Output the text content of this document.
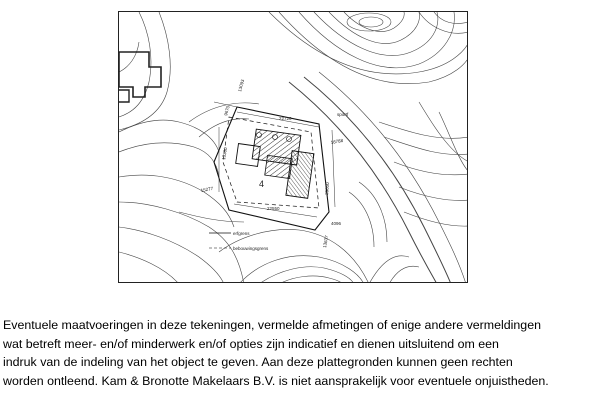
22720
22550
13093
15277
16788
13637
13300
20050
9670
4096
sportf
4
erfgrens
bebouwingsgrens
Eventuele maatvoeringen in deze tekeningen, vermelde afmetingen of enige andere vermeldingen
wat betreft meer- en/of minderwerk en/of opties zijn indicatief en dienen uitsluitend om een
indruk van de indeling van het object te geven. Aan deze plattegronden kunnen geen rechten
worden ontleend. Kam & Bronotte Makelaars B.V. is niet aansprakelijk voor eventuele onjuistheden.
